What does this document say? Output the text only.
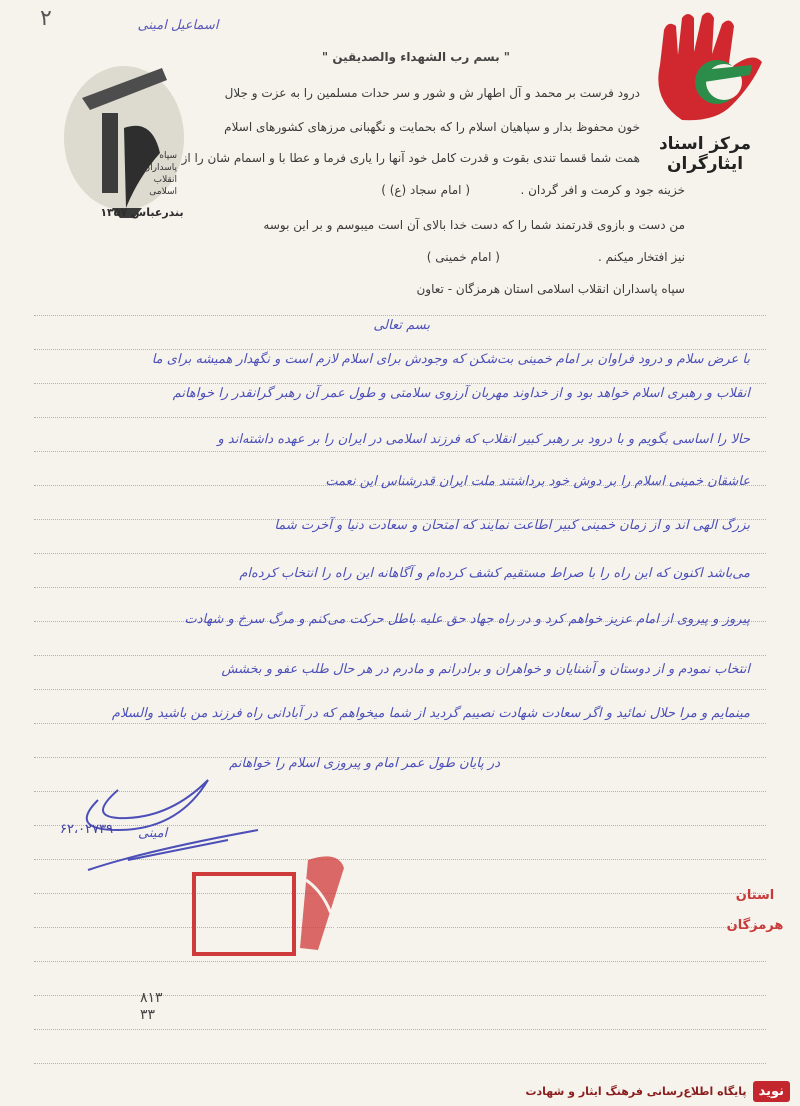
۲	اسماعیل امینی
سپاه
پاسداران
انقلاب
اسلامی
بندرعباس ۱۳۵۷
مرکز اسناد ایثارگران
" بسم رب الشهداء والصدیقین "
درود فرست بر محمد و آل اطهار ش و شور و سر حدات مسلمین را به عزت و جلال
خون محفوظ بدار و سپاهیان اسلام را که بحمایت و نگهبانی مرزهای کشورهای اسلام
همت شما قسما تندی بقوت و قدرت کامل خود آنها را یاری فرما و عطا با و اسمام شان را از
خزینه جود و کرمت و افر گردان .
( امام سجاد (ع) )
من دست و بازوی قدرتمند شما را که دست خدا بالای آن است میبوسم و بر این بوسه
نیز افتخار میکنم .
( امام خمینی )
سپاه پاسداران انقلاب اسلامی استان هرمزگان - تعاون
بسم تعالی
با عرض سلام و درود فراوان بر امام خمینی بت‌شکن که وجودش برای اسلام لازم است و نگهدار همیشه برای ما
انقلاب و رهبری اسلام خواهد بود و از خداوند مهربان آرزوی سلامتی و طول عمر آن رهبر گرانقدر را خواهانم
حالا را اساسی بگویم و با درود بر رهبر کبیر انقلاب که فرزند اسلامی در ایران را بر عهده داشته‌اند و
عاشقان خمینی اسلام را بر دوش خود برداشتند ملت ایران قدرشناس این نعمت
بزرگ الهی اند و از زمان خمینی کبیر اطاعت نمایند که امتحان و سعادت دنیا و آخرت شما
می‌باشد اکنون که این راه را با صراط مستقیم کشف کرده‌ام و آگاهانه این راه را انتخاب کرده‌ام
پیروز و پیروی از امام عزیز خواهم کرد و در راه جهاد حق علیه باطل حرکت می‌کنم و مرگ سرخ و شهادت
انتخاب نمودم و از دوستان و آشنایان و خواهران و برادرانم و مادرم در هر حال طلب عفو و بخشش
مینمایم و مرا حلال نمائید و اگر سعادت شهادت نصیبم گردید از شما میخواهم که در آبادانی راه فرزند من باشید والسلام
در پایان طول عمر امام و پیروزی اسلام را خواهانم
امینی
۶۲،۰۲۷۳۹
استان
هرمزگان
۸۱۳
۳۳
نوید
پایگاه اطلاع‌رسانی فرهنگ ایثار و شهادت
